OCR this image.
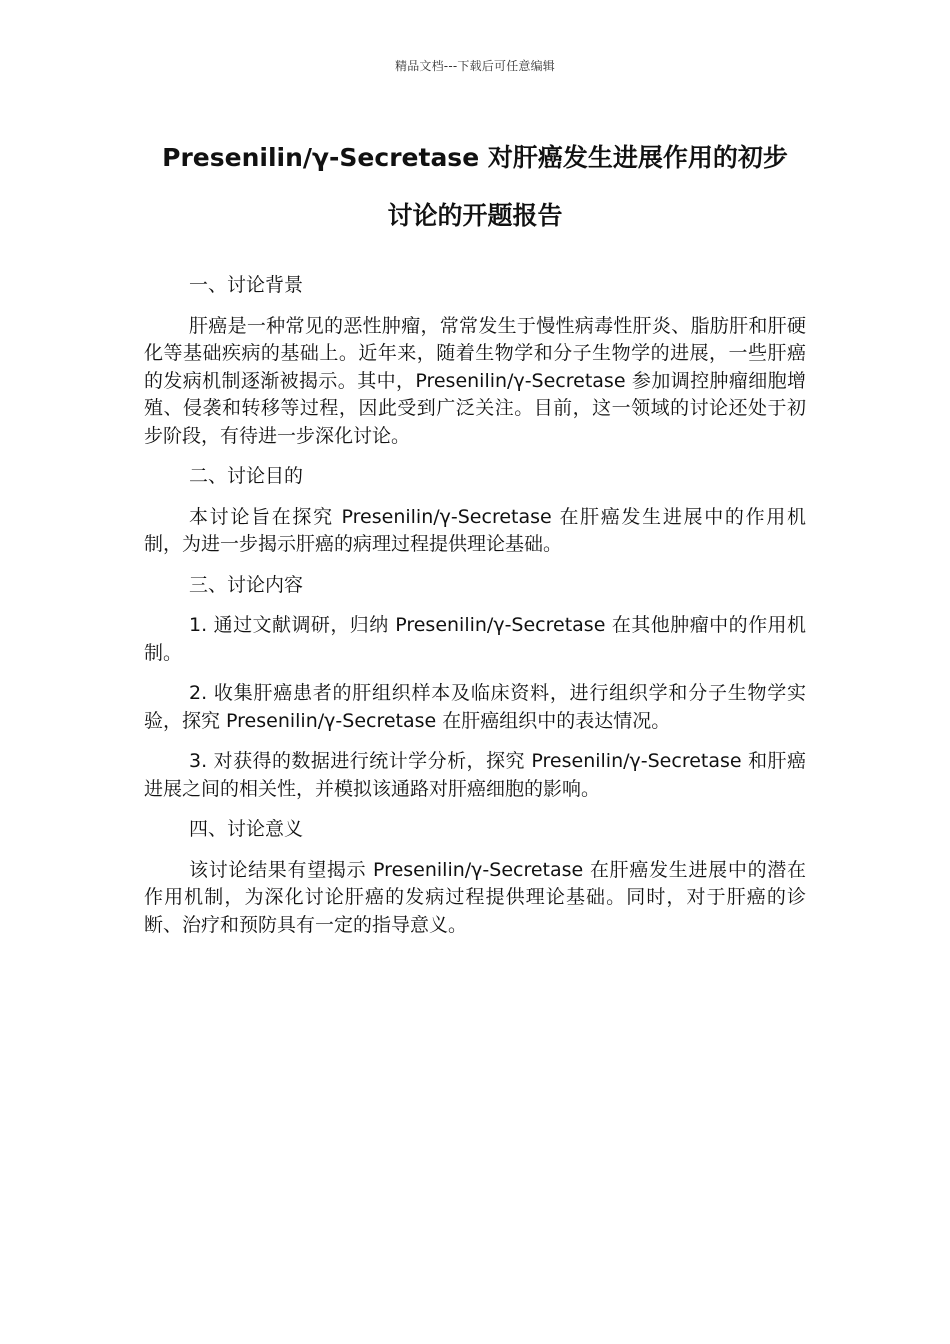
精品文档---下载后可任意编辑
Presenilin/γ-Secretase 对肝癌发生进展作用的初步
讨论的开题报告

一、讨论背景

肝癌是一种常见的恶性肿瘤，常常发生于慢性病毒性肝炎、脂肪肝和肝硬化等基础疾病的基础上。近年来，随着生物学和分子生物学的进展，一些肝癌的发病机制逐渐被揭示。其中，Presenilin/γ-Secretase 参加调控肿瘤细胞增殖、侵袭和转移等过程，因此受到广泛关注。目前，这一领域的讨论还处于初步阶段，有待进一步深化讨论。

二、讨论目的

本讨论旨在探究 Presenilin/γ-Secretase 在肝癌发生进展中的作用机制，为进一步揭示肝癌的病理过程提供理论基础。

三、讨论内容

1. 通过文献调研，归纳 Presenilin/γ-Secretase 在其他肿瘤中的作用机制。

2. 收集肝癌患者的肝组织样本及临床资料，进行组织学和分子生物学实验，探究 Presenilin/γ-Secretase 在肝癌组织中的表达情况。

3. 对获得的数据进行统计学分析，探究 Presenilin/γ-Secretase 和肝癌进展之间的相关性，并模拟该通路对肝癌细胞的影响。

四、讨论意义

该讨论结果有望揭示 Presenilin/γ-Secretase 在肝癌发生进展中的潜在作用机制，为深化讨论肝癌的发病过程提供理论基础。同时，对于肝癌的诊断、治疗和预防具有一定的指导意义。
